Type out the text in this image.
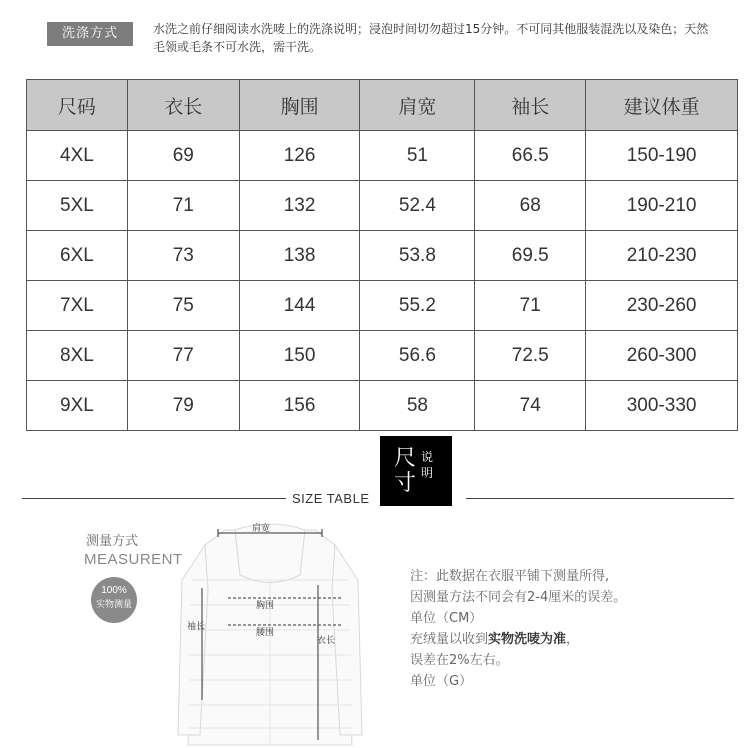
洗涤方式	水洗之前仔细阅读水洗唛上的洗涤说明；浸泡时间切勿超过15分钟。不可同其他服装混洗以及染色；天然毛领或毛条不可水洗，需干洗。
尺码	衣长	胸围	肩宽	袖长	建议体重
4XL	69	126	51	66.5	150-190
5XL	71	132	52.4	68	190-210
6XL	73	138	53.8	69.5	210-230
7XL	75	144	55.2	71	230-260
8XL	77	150	56.6	72.5	260-300
9XL	79	156	58	74	300-330
尺寸
说明
SIZE TABLE
测量方式
MEASURENT
100%
实物测量
肩宽
胸围
腰围
袖长
衣长
注：此数据在衣服平铺下测量所得,
因测量方法不同会有2-4厘米的误差。
单位（CM）
充绒量以收到实物洗唛为准，
误差在2%左右。
单位（G）
